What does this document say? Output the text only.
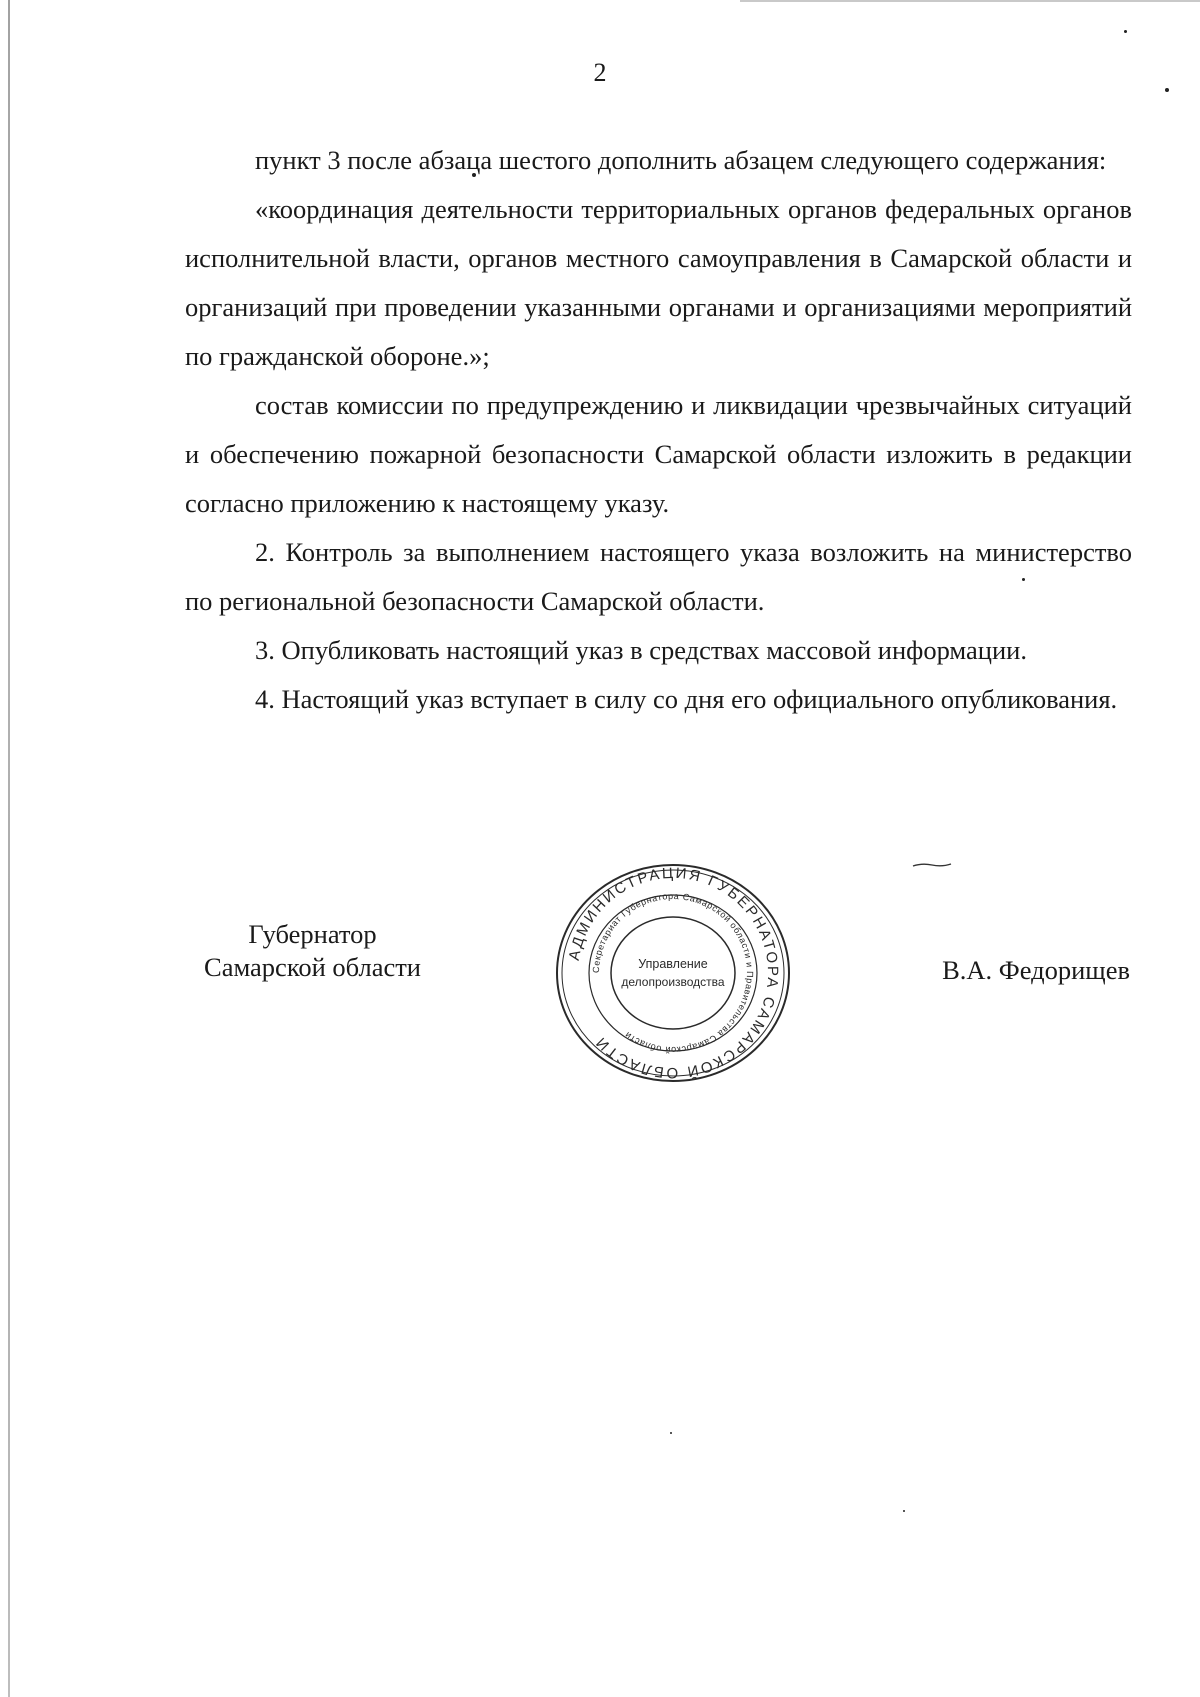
2

пункт 3 после абзаца шестого дополнить абзацем следующего содержания:

«координация деятельности территориальных органов федеральных органов исполнительной власти, органов местного самоуправления в Самарской области и организаций при проведении указанными органами и организациями мероприятий по гражданской обороне.»;

состав комиссии по предупреждению и ликвидации чрезвычайных ситуаций и обеспечению пожарной безопасности Самарской области изложить в редакции согласно приложению к настоящему указу.

2. Контроль за выполнением настоящего указа возложить на министерство по региональной безопасности Самарской области.

3. Опубликовать настоящий указ в средствах массовой информации.

4. Настоящий указ вступает в силу со дня его официального опубликования.

Губернатор
Самарской области	АДМИНИСТРАЦИЯ ГУБЕРНАТОРА САМАРСКОЙ ОБЛАСТИ
Секретариат Губернатора Самарской области и Правительства Самарской области
Управление
делопроизводства	В.А. Федорищев
